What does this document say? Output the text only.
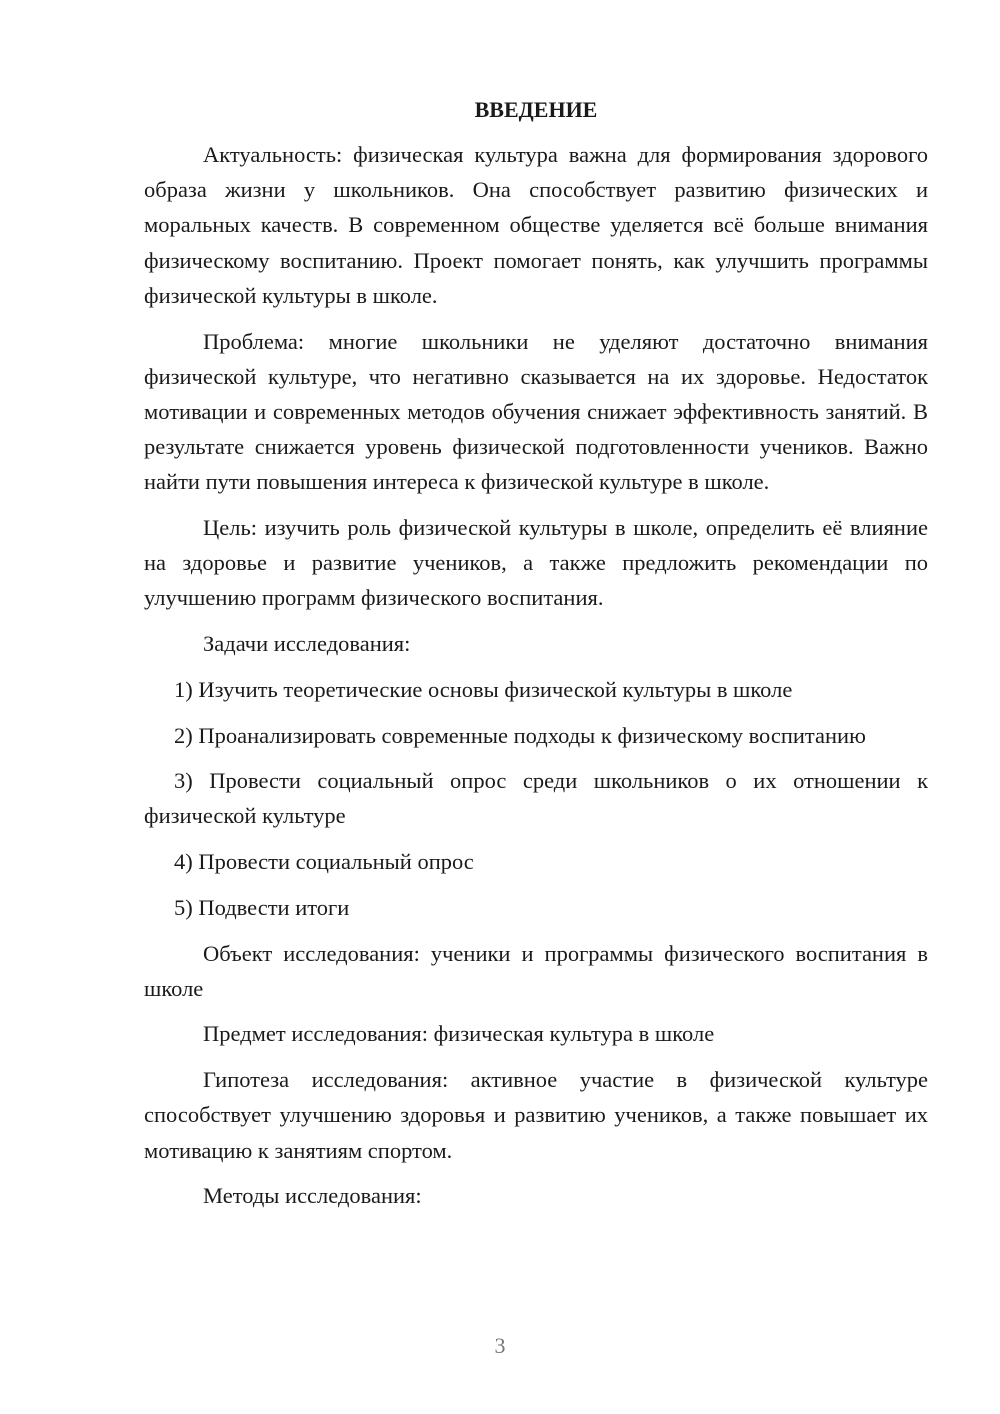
ВВЕДЕНИЕ

Актуальность: физическая культура важна для формирования здорового образа жизни у школьников. Она способствует развитию физических и моральных качеств. В современном обществе уделяется всё больше внимания физическому воспитанию. Проект помогает понять, как улучшить программы физической культуры в школе.

Проблема: многие школьники не уделяют достаточно внимания физической культуре, что негативно сказывается на их здоровье. Недостаток мотивации и современных методов обучения снижает эффективность занятий. В результате снижается уровень физической подготовленности учеников. Важно найти пути повышения интереса к физической культуре в школе.

Цель: изучить роль физической культуры в школе, определить её влияние на здоровье и развитие учеников, а также предложить рекомендации по улучшению программ физического воспитания.

Задачи исследования:

1) Изучить теоретические основы физической культуры в школе

2) Проанализировать современные подходы к физическому воспитанию

3) Провести социальный опрос среди школьников о их отношении к физической культуре

4) Провести социальный опрос

5) Подвести итоги

Объект исследования: ученики и программы физического воспитания в школе

Предмет исследования: физическая культура в школе

Гипотеза исследования: активное участие в физической культуре способствует улучшению здоровья и развитию учеников, а также повышает их мотивацию к занятиям спортом.

Методы исследования:

3
